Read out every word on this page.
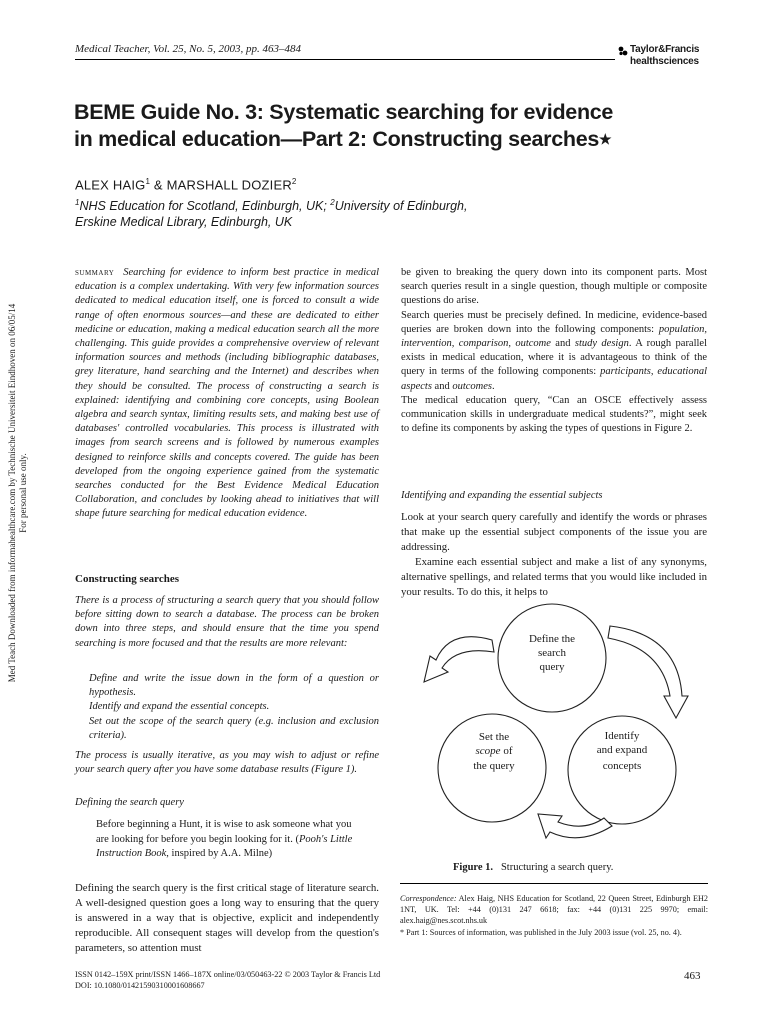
Medical Teacher, Vol. 25, No. 5, 2003, pp. 463–484	Taylor&Francis
healthsciences
BEME Guide No. 3: Systematic searching for evidence
in medical education—Part 2: Constructing searches★
ALEX HAIG$^1$ & MARSHALL DOZIER$^2$
$^1$NHS Education for Scotland, Edinburgh, UK; $^2$University of Edinburgh,
Erskine Medical Library, Edinburgh, UK
Med Teach Downloaded from informahealthcare.com by Technische Universiteit Eindhoven on 06/05/14 For personal use only.
summary Searching for evidence to inform best practice in medical education is a complex undertaking. With very few information sources dedicated to medical education itself, one is forced to consult a wide range of often enormous sources—and these are dedicated to either medicine or education, making a medical education search all the more challenging. This guide provides a comprehensive overview of relevant information sources and methods (including bibliographic databases, grey literature, hand searching and the Internet) and describes when they should be consulted. The process of constructing a search is explained: identifying and combining core concepts, using Boolean algebra and search syntax, limiting results sets, and making best use of databases' controlled vocabularies. This process is illustrated with images from search screens and is followed by numerous examples designed to reinforce skills and concepts covered. The guide has been developed from the ongoing experience gained from the systematic searches conducted for the Best Evidence Medical Education Collaboration, and concludes by looking ahead to initiatives that will shape future searching for medical education evidence.
Constructing searches
There is a process of structuring a search query that you should follow before sitting down to search a database. The process can be broken down into three steps, and should ensure that the time you spend searching is more focused and that the results are more relevant:
Define and write the issue down in the form of a question or hypothesis.
Identify and expand the essential concepts.
Set out the scope of the search query (e.g. inclusion and exclusion criteria).
The process is usually iterative, as you may wish to adjust or refine your search query after you have some database results (Figure 1).
Defining the search query
Before beginning a Hunt, it is wise to ask someone what you are looking for before you begin looking for it. (Pooh's Little Instruction Book, inspired by A.A. Milne)
Defining the search query is the first critical stage of literature search. A well-designed question goes a long way to ensuring that the query is answered in a way that is objective, explicit and independently reproducible. All consequent stages will develop from the question's parameters, so attention must

be given to breaking the query down into its component parts. Most search queries result in a single question, though multiple or composite questions do arise.

Search queries must be precisely defined. In medicine, evidence-based queries are broken down into the following components: population, intervention, comparison, outcome and study design. A rough parallel exists in medical education, where it is advantageous to think of the query in terms of the following components: participants, educational aspects and outcomes.

The medical education query, “Can an OSCE effectively assess communication skills in undergraduate medical students?”, might seek to define its components by asking the types of questions in Figure 2.

Identifying and expanding the essential subjects

Look at your search query carefully and identify the words or phrases that make up the essential subject components of the issue you are addressing.

Examine each essential subject and make a list of any synonyms, alternative spellings, and related terms that you would like included in your results. To do this, it helps to

Define the
search
query
Identify
and expand
concepts
Set the
scope of
the query
Figure 1. Structuring a search query.
Correspondence: Alex Haig, NHS Education for Scotland, 22 Queen Street, Edinburgh EH2 1NT, UK. Tel: +44 (0)131 247 6618; fax: +44 (0)131 225 9970; email: alex.haig@nes.scot.nhs.uk
* Part 1: Sources of information, was published in the July 2003 issue (vol. 25, no. 4).
ISSN 0142–159X print/ISSN 1466–187X online/03/050463-22 © 2003 Taylor & Francis Ltd
DOI: 10.1080/01421590310001608667
463
